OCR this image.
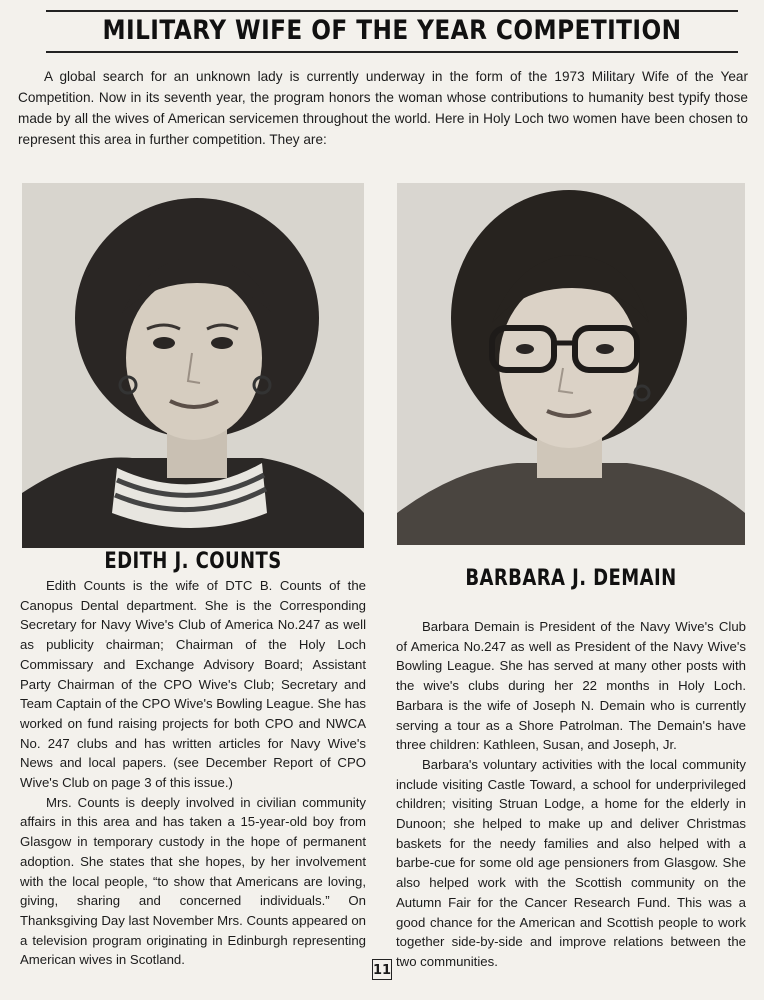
MILITARY WIFE OF THE YEAR COMPETITION

A global search for an unknown lady is currently underway in the form of the 1973 Military Wife of the Year Competition. Now in its seventh year, the program honors the woman whose contributions to humanity best typify those made by all the wives of American servicemen throughout the world. Here in Holy Loch two women have been chosen to represent this area in further competition. They are:

EDITH J. COUNTS
BARBARA J. DEMAIN

Edith Counts is the wife of DTC B. Counts of the Canopus Dental department. She is the Corresponding Secretary for Navy Wive's Club of America No.247 as well as publicity chairman; Chairman of the Holy Loch Commissary and Exchange Advisory Board; Assistant Party Chairman of the CPO Wive's Club; Secretary and Team Captain of the CPO Wive's Bowling League. She has worked on fund raising projects for both CPO and NWCA No. 247 clubs and has written articles for Navy Wive's News and local papers. (see December Report of CPO Wive's Club on page 3 of this issue.)

Mrs. Counts is deeply involved in civilian community affairs in this area and has taken a 15-year-old boy from Glasgow in temporary custody in the hope of permanent adoption. She states that she hopes, by her involvement with the local people, “to show that Americans are loving, giving, sharing and concerned individuals.” On Thanksgiving Day last November Mrs. Counts appeared on a television program originating in Edinburgh representing American wives in Scotland.

Barbara Demain is President of the Navy Wive's Club of America No.247 as well as President of the Navy Wive's Bowling League. She has served at many other posts with the wive's clubs during her 22 months in Holy Loch. Barbara is the wife of Joseph N. Demain who is currently serving a tour as a Shore Patrolman. The Demain's have three children: Kathleen, Susan, and Joseph, Jr.

Barbara's voluntary activities with the local community include visiting Castle Toward, a school for underprivileged children; visiting Struan Lodge, a home for the elderly in Dunoon; she helped to make up and deliver Christmas baskets for the needy families and also helped with a barbe-cue for some old age pensioners from Glasgow. She also helped work with the Scottish community on the Autumn Fair for the Cancer Research Fund. This was a good chance for the American and Scottish people to work together side-by-side and improve relations between the two communities.

11
